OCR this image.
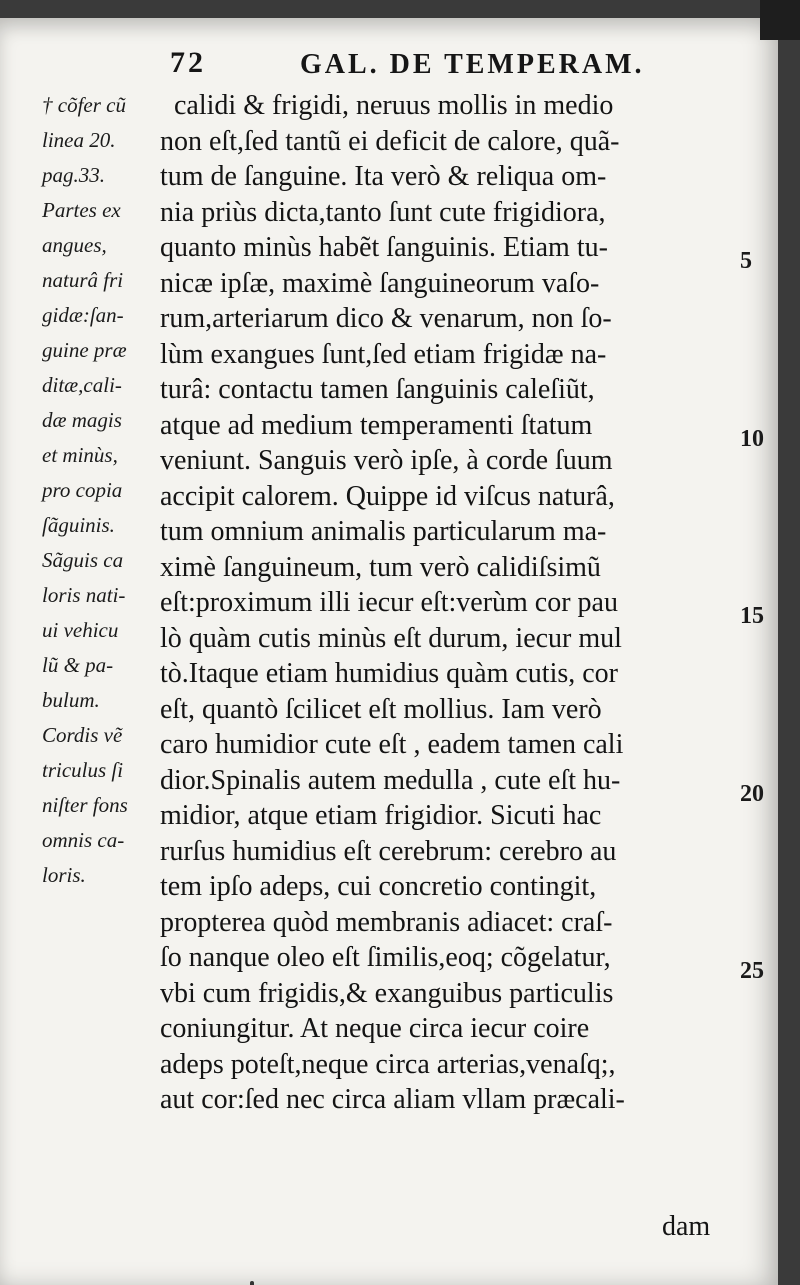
72	GAL. DE TEMPERAM.
† cõfer cũ
linea 20.
pag.33.
Partes ex
angues,
naturâ fri
gidæ:ſan-
guine præ
ditæ,cali-
dæ magis
et minùs,
pro copia
ſãguinis.
Sãguis ca
loris nati-
ui vehicu
lũ & pa-
bulum.
Cordis vẽ
triculus ſi
niſter fons
omnis ca-
loris.
calidi & frigidi, neruus mollis in medio
non eſt,ſed tantũ ei deficit de calore, quã-
tum de ſanguine. Ita verò & reliqua om-
nia priùs dicta,tanto ſunt cute frigidiora,
quanto minùs habẽt ſanguinis. Etiam tu-
nicæ ipſæ, maximè ſanguineorum vaſo-
rum,arteriarum dico & venarum, non ſo-
lùm exangues ſunt,ſed etiam frigidæ na-
turâ: contactu tamen ſanguinis caleſiũt,
atque ad medium temperamenti ſtatum
veniunt. Sanguis verò ipſe, à corde ſuum
accipit calorem. Quippe id viſcus naturâ,
tum omnium animalis particularum ma-
ximè ſanguineum, tum verò calidiſsimũ
eſt:proximum illi iecur eſt:verùm cor pau
lò quàm cutis minùs eſt durum, iecur mul
tò.Itaque etiam humidius quàm cutis, cor
eſt, quantò ſcilicet eſt mollius. Iam verò
caro humidior cute eſt , eadem tamen cali
dior.Spinalis autem medulla , cute eſt hu-
midior, atque etiam frigidior. Sicuti hac
rurſus humidius eſt cerebrum: cerebro au
tem ipſo adeps, cui concretio contingit,
propterea quòd membranis adiacet: craſ-
ſo nanque oleo eſt ſimilis,eoq; cõgelatur,
vbi cum frigidis,& exanguibus particulis
coniungitur. At neque circa iecur coire
adeps poteſt,neque circa arterias,venaſq;,
aut cor:ſed nec circa aliam vllam præcali-
5
10
15
20
25
dam
